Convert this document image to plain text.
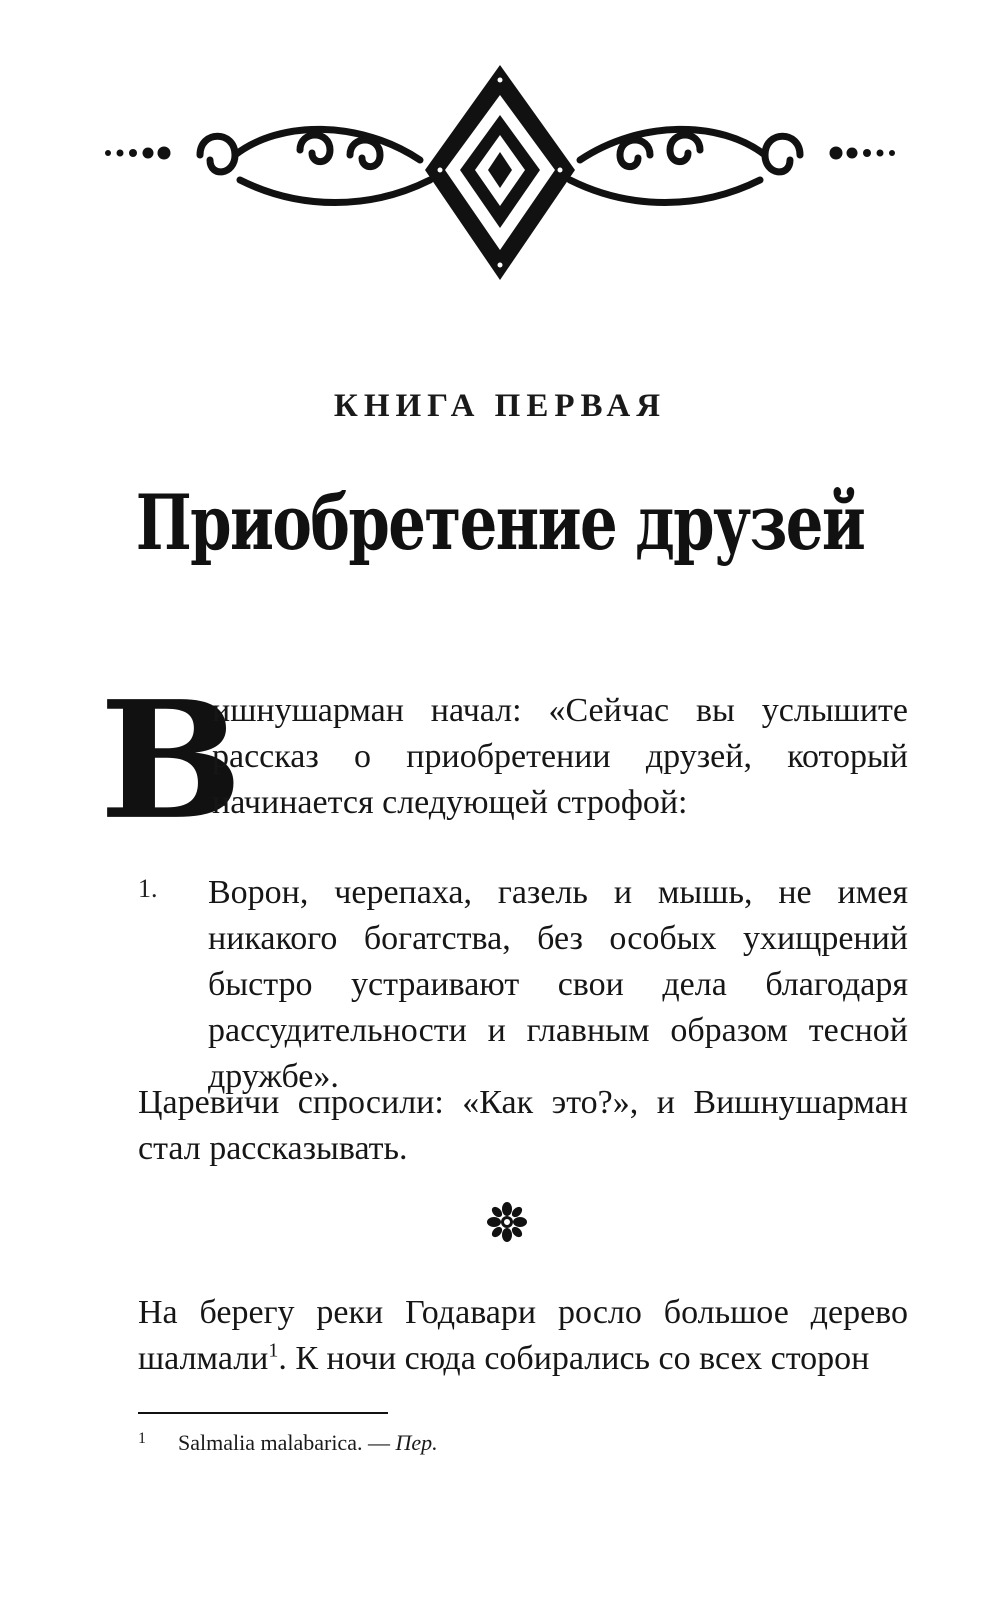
КНИГА ПЕРВАЯ
Приобретение друзей
В
ишнушарман начал: «Сейчас вы услышите рассказ о приобретении друзей, который начинается следующей строфой:
1. Ворон, черепаха, газель и мышь, не имея никакого богатства, без особых ухищрений быстро устраивают свои дела благодаря рассудительности и главным образом тесной дружбе».
Царевичи спросили: «Как это?», и Вишнушарман стал рассказывать.
На берегу реки Годавари росло большое дерево шалмали$^1$. К ночи сюда собирались со всех сторон
1 Salmalia malabarica. — Пер.
